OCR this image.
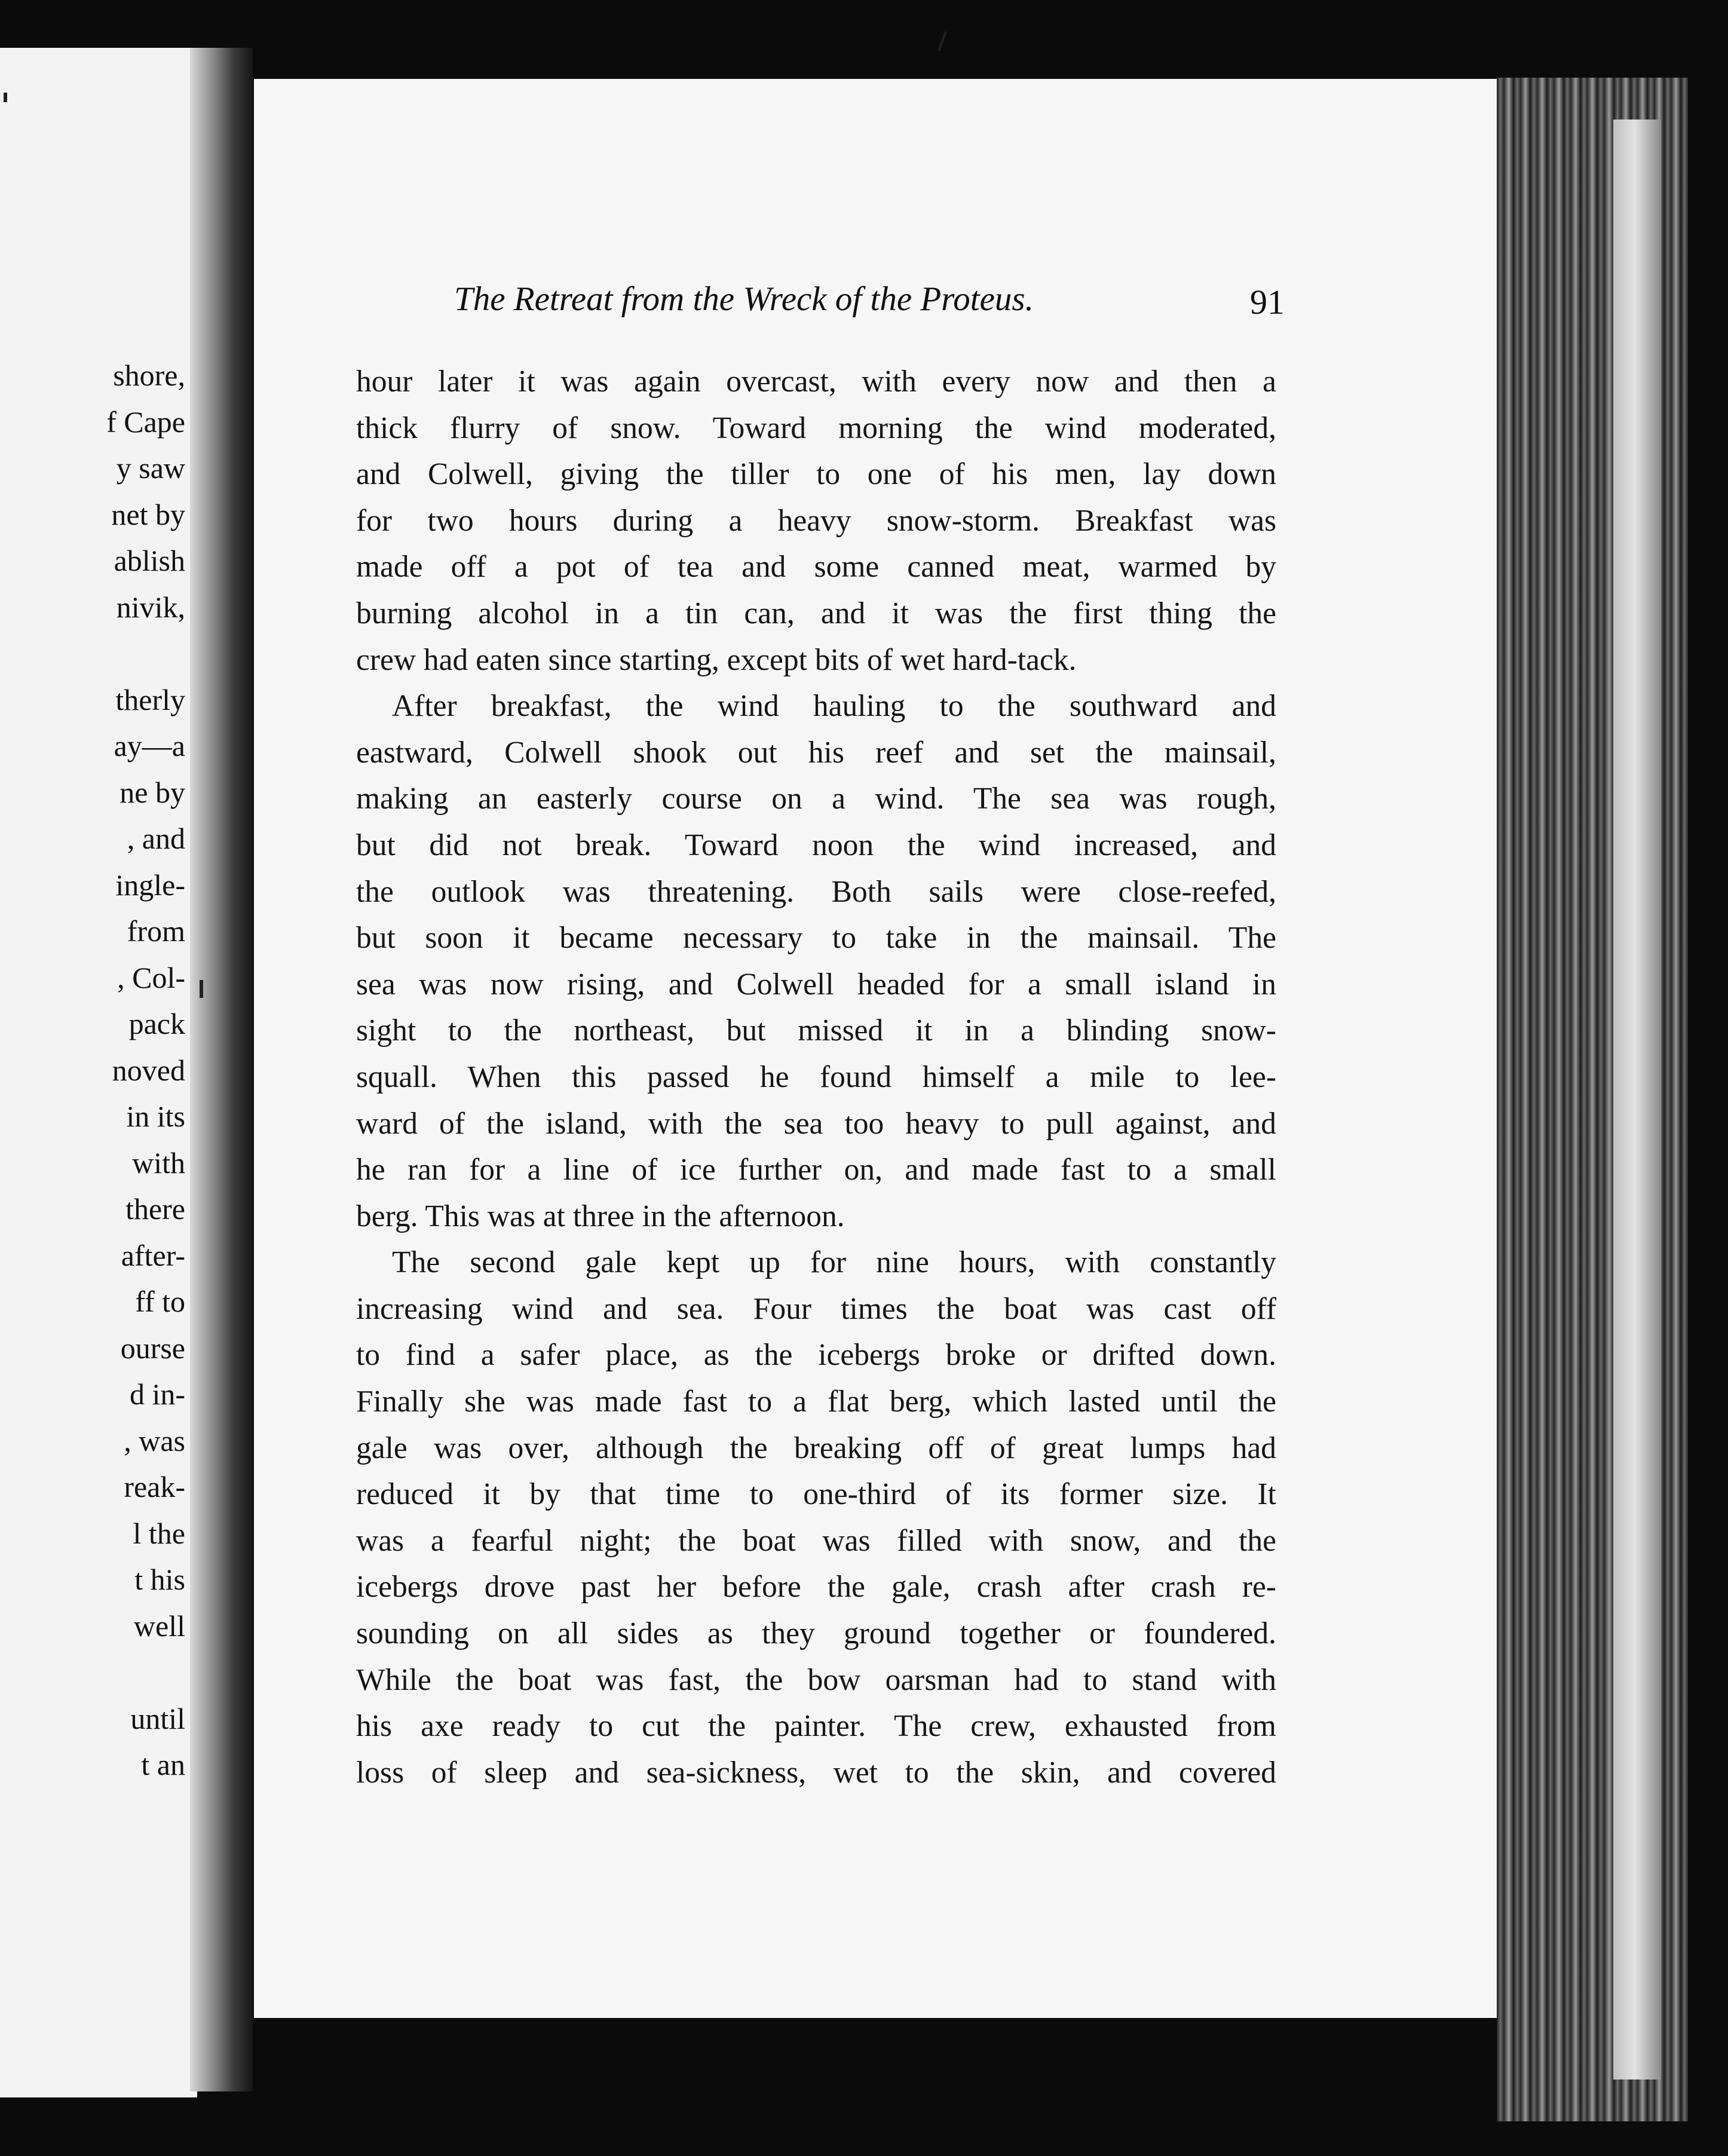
shore,
f Cape
y saw
net by
ablish
nivik,
therly
ay—a
ne by
, and
ingle-
from
, Col-
pack
noved
in its
with
there
after-
ff to
ourse
d in-
, was
reak-
l the
t his
well
until
t an
The Retreat from the Wreck of the Proteus.	91
hour later it was again overcast, with every now and then a
thick flurry of snow. Toward morning the wind moderated,
and Colwell, giving the tiller to one of his men, lay down
for two hours during a heavy snow-storm. Breakfast was
made off a pot of tea and some canned meat, warmed by
burning alcohol in a tin can, and it was the first thing the
crew had eaten since starting, except bits of wet hard-tack.
After breakfast, the wind hauling to the southward and
eastward, Colwell shook out his reef and set the mainsail,
making an easterly course on a wind. The sea was rough,
but did not break. Toward noon the wind increased, and
the outlook was threatening. Both sails were close-reefed,
but soon it became necessary to take in the mainsail. The
sea was now rising, and Colwell headed for a small island in
sight to the northeast, but missed it in a blinding snow-
squall. When this passed he found himself a mile to lee-
ward of the island, with the sea too heavy to pull against, and
he ran for a line of ice further on, and made fast to a small
berg. This was at three in the afternoon.
The second gale kept up for nine hours, with constantly
increasing wind and sea. Four times the boat was cast off
to find a safer place, as the icebergs broke or drifted down.
Finally she was made fast to a flat berg, which lasted until the
gale was over, although the breaking off of great lumps had
reduced it by that time to one-third of its former size. It
was a fearful night; the boat was filled with snow, and the
icebergs drove past her before the gale, crash after crash re-
sounding on all sides as they ground together or foundered.
While the boat was fast, the bow oarsman had to stand with
his axe ready to cut the painter. The crew, exhausted from
loss of sleep and sea-sickness, wet to the skin, and covered
